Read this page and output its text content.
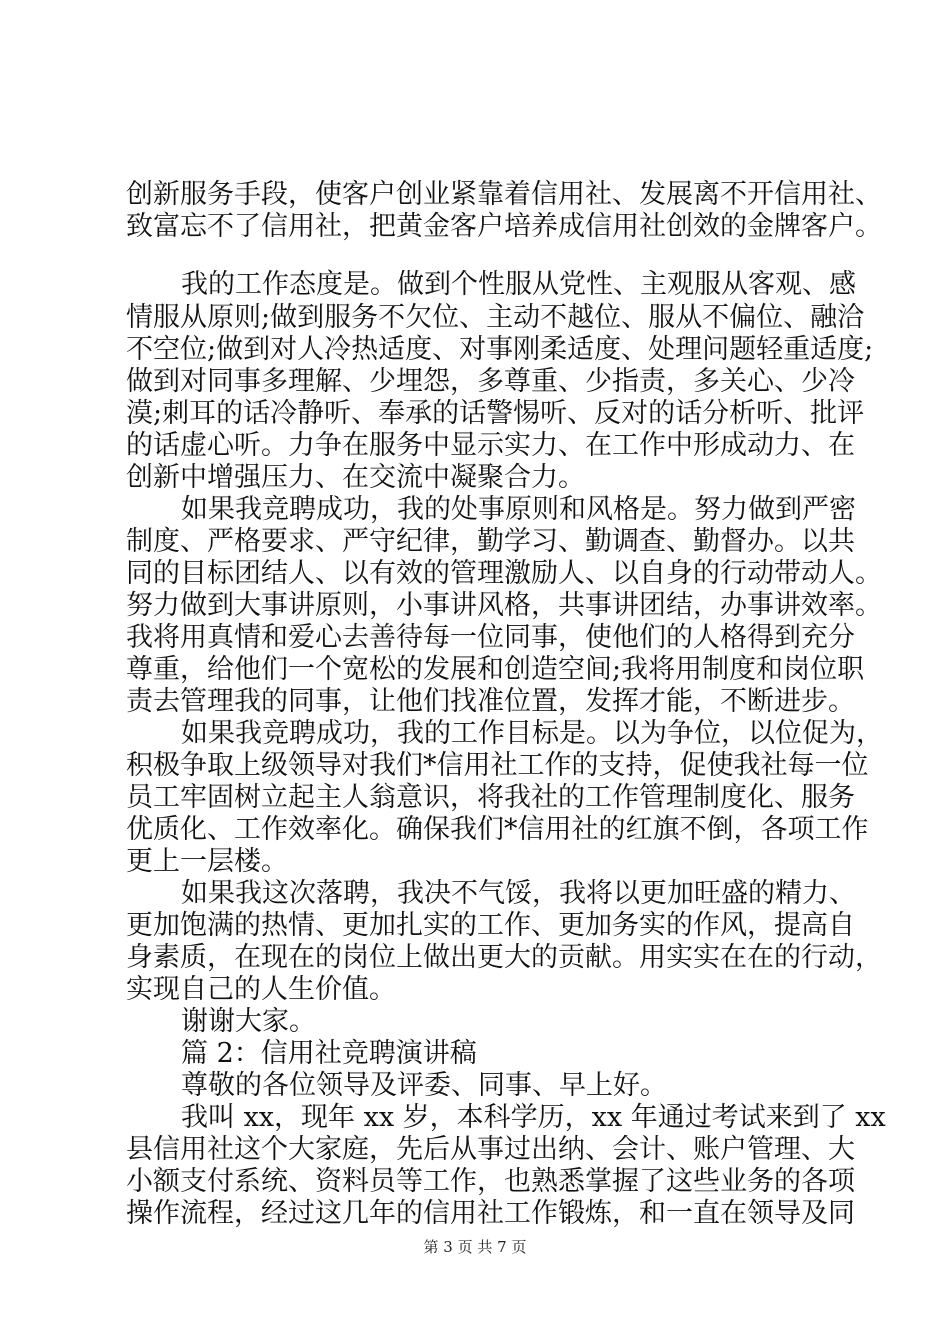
创新服务手段，使客户创业紧靠着信用社、发展离不开信用社、
致富忘不了信用社，把黄金客户培养成信用社创效的金牌客户。
我的工作态度是。做到个性服从党性、主观服从客观、感
情服从原则;做到服务不欠位、主动不越位、服从不偏位、融洽
不空位;做到对人冷热适度、对事刚柔适度、处理问题轻重适度;
做到对同事多理解、少埋怨，多尊重、少指责，多关心、少冷
漠;刺耳的话冷静听、奉承的话警惕听、反对的话分析听、批评
的话虚心听。力争在服务中显示实力、在工作中形成动力、在
创新中增强压力、在交流中凝聚合力。
如果我竞聘成功，我的处事原则和风格是。努力做到严密
制度、严格要求、严守纪律，勤学习、勤调查、勤督办。以共
同的目标团结人、以有效的管理激励人、以自身的行动带动人。
努力做到大事讲原则，小事讲风格，共事讲团结，办事讲效率。
我将用真情和爱心去善待每一位同事，使他们的人格得到充分
尊重，给他们一个宽松的发展和创造空间;我将用制度和岗位职
责去管理我的同事，让他们找准位置，发挥才能，不断进步。
如果我竞聘成功，我的工作目标是。以为争位，以位促为，
积极争取上级领导对我们*信用社工作的支持，促使我社每一位
员工牢固树立起主人翁意识，将我社的工作管理制度化、服务
优质化、工作效率化。确保我们*信用社的红旗不倒，各项工作
更上一层楼。
如果我这次落聘，我决不气馁，我将以更加旺盛的精力、
更加饱满的热情、更加扎实的工作、更加务实的作风，提高自
身素质，在现在的岗位上做出更大的贡献。用实实在在的行动，
实现自己的人生价值。
谢谢大家。
篇 2：信用社竞聘演讲稿
尊敬的各位领导及评委、同事、早上好。
我叫 xx，现年 xx 岁，本科学历，xx 年通过考试来到了 xx
县信用社这个大家庭，先后从事过出纳、会计、账户管理、大
小额支付系统、资料员等工作，也熟悉掌握了这些业务的各项
操作流程，经过这几年的信用社工作锻炼，和一直在领导及同
第 3 页 共 7 页
